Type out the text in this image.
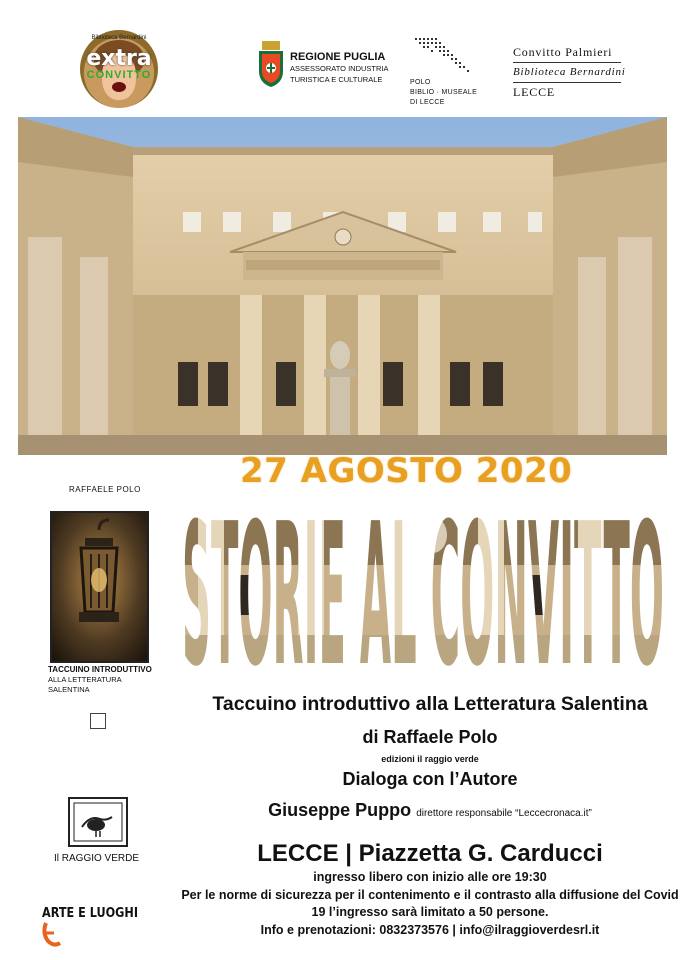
Biblioteca Bernardini
extra
CONVITTO
REGIONE PUGLIA
ASSESSORATO INDUSTRIA
TURISTICA E CULTURALE	POLO
BIBLIO · MUSEALE
DI LECCE
Convitto Palmieri
Biblioteca Bernardini
LECCE
STORIE AL CONVITTO
27 AGOSTO 2020
RAFFAELE POLO
TACCUINO INTRODUTTIVO
ALLA LETTERATURA SALENTINA
Taccuino introduttivo alla Letteratura Salentina
di Raffaele Polo
edizioni il raggio verde
Dialoga con l’Autore
Giuseppe Puppo direttore responsabile “Leccecronaca.it”
LECCE | Piazzetta G. Carducci
ingresso libero con inizio alle ore 19:30
Per le norme di sicurezza per il contenimento e il contrasto alla diffusione del Covid
19 l’ingresso sarà limitato a 50 persone.
Info e prenotazioni: 0832373576 | info@ilraggioverdesrl.it
Il RAGGIO VERDE
ARTE E LUOGHI
